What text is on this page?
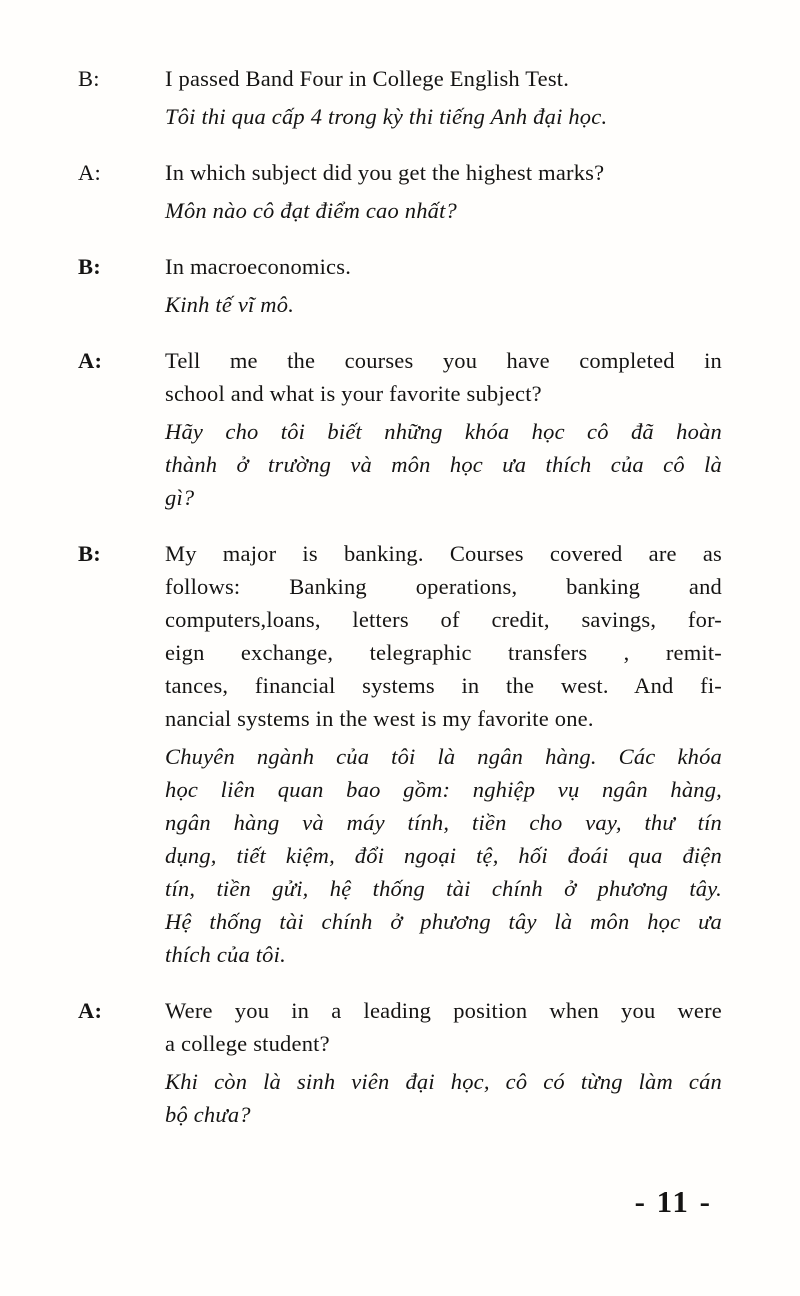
B:	I passed Band Four in College English Test.
Tôi thi qua cấp 4 trong kỳ thi tiếng Anh đại học.
A:	In which subject did you get the highest marks?
Môn nào cô đạt điểm cao nhất?
B:	In macroeconomics.
Kinh tế vĩ mô.
A:	Tell me the courses you have completed in
school and what is your favorite subject?
Hãy cho tôi biết những khóa học cô đã hoàn
thành ở trường và môn học ưa thích của cô là
gì?
B:	My major is banking. Courses covered are as
follows: Banking operations, banking and
computers,loans, letters of credit, savings, for-
eign exchange, telegraphic transfers , remit-
tances, financial systems in the west. And fi-
nancial systems in the west is my favorite one.
Chuyên ngành của tôi là ngân hàng. Các khóa
học liên quan bao gồm: nghiệp vụ ngân hàng,
ngân hàng và máy tính, tiền cho vay, thư tín
dụng, tiết kiệm, đổi ngoại tệ, hối đoái qua điện
tín, tiền gửi, hệ thống tài chính ở phương tây.
Hệ thống tài chính ở phương tây là môn học ưa
thích của tôi.
A:	Were you in a leading position when you were
a college student?
Khi còn là sinh viên đại học, cô có từng làm cán
bộ chưa?
- 11 -
